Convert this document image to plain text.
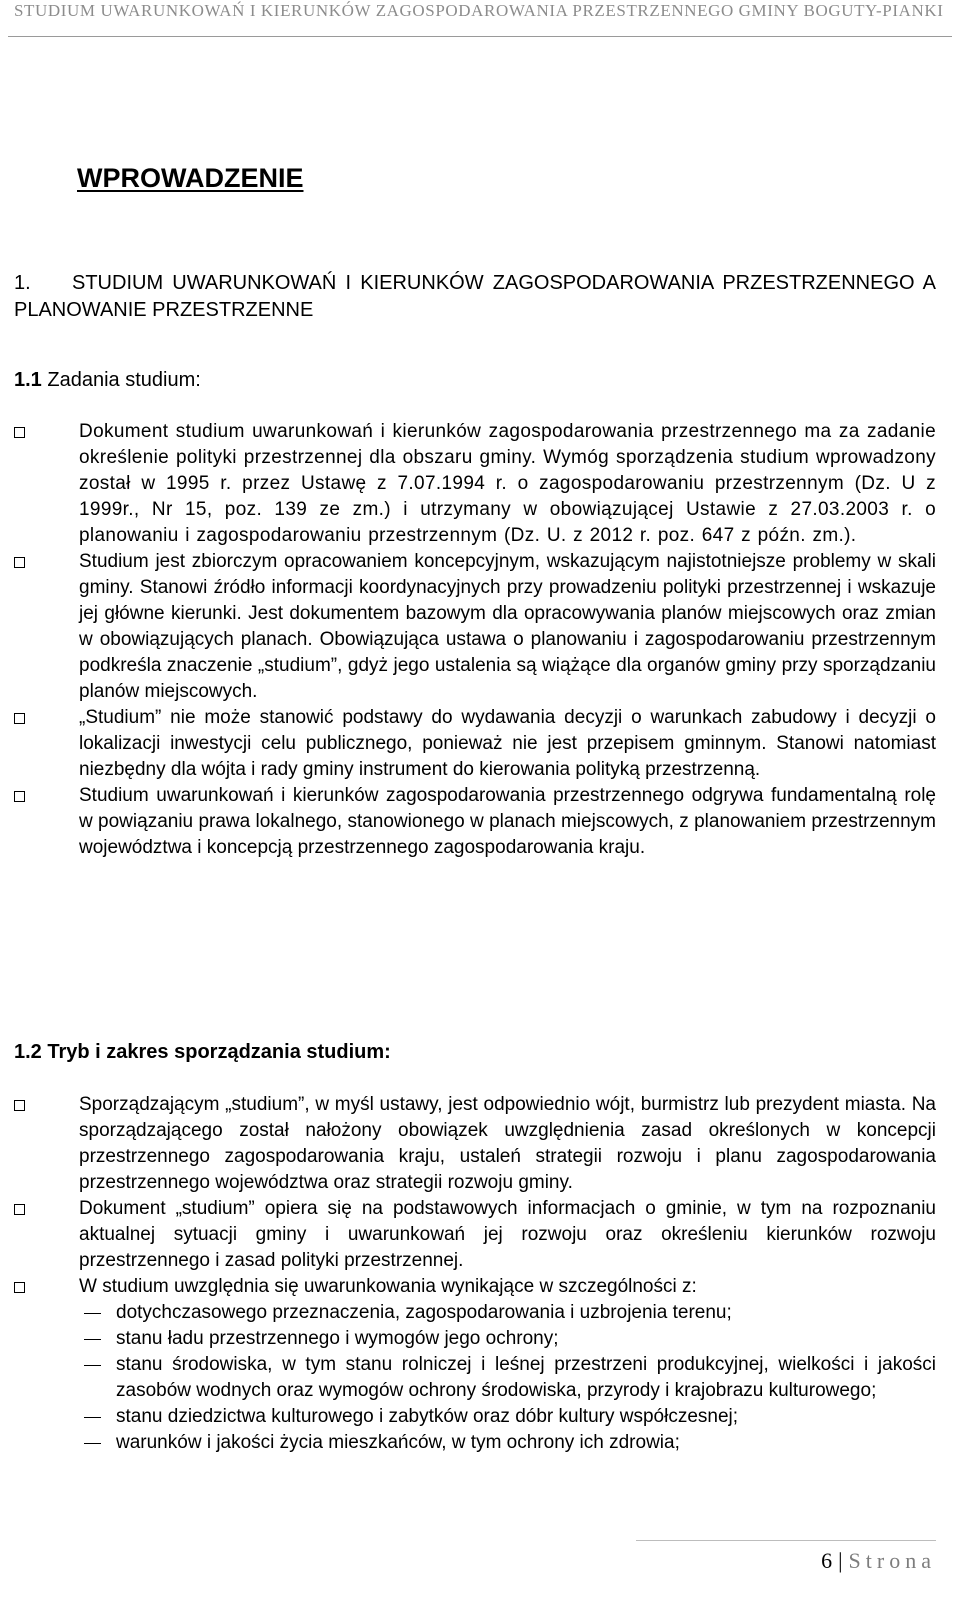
STUDIUM UWARUNKOWAŃ I KIERUNKÓW ZAGOSPODAROWANIA PRZESTRZENNEGO GMINY BOGUTY-PIANKI
WPROWADZENIE

1. STUDIUM UWARUNKOWAŃ I KIERUNKÓW ZAGOSPODAROWANIA PRZESTRZENNEGO A PLANOWANIE PRZESTRZENNE

1.1 Zadania studium:

Dokument studium uwarunkowań i kierunków zagospodarowania przestrzennego ma za zadanie określenie polityki przestrzennej dla obszaru gminy. Wymóg sporządzenia studium wprowadzony został w 1995 r. przez Ustawę z 7.07.1994 r. o zagospodarowaniu przestrzennym (Dz. U z 1999r., Nr 15, poz. 139 ze zm.) i utrzymany w obowiązującej Ustawie z 27.03.2003 r. o planowaniu i zagospodarowaniu przestrzennym (Dz. U. z 2012 r. poz. 647 z późn. zm.).
Studium jest zbiorczym opracowaniem koncepcyjnym, wskazującym najistotniejsze problemy w skali gminy. Stanowi źródło informacji koordynacyjnych przy prowadzeniu polityki przestrzennej i wskazuje jej główne kierunki. Jest dokumentem bazowym dla opracowywania planów miejscowych oraz zmian w obowiązujących planach. Obowiązująca ustawa o planowaniu i zagospodarowaniu przestrzennym podkreśla znaczenie „studium”, gdyż jego ustalenia są wiążące dla organów gminy przy sporządzaniu planów miejscowych.
„Studium” nie może stanowić podstawy do wydawania decyzji o warunkach zabudowy i decyzji o lokalizacji inwestycji celu publicznego, ponieważ nie jest przepisem gminnym. Stanowi natomiast niezbędny dla wójta i rady gminy instrument do kierowania polityką przestrzenną.
Studium uwarunkowań i kierunków zagospodarowania przestrzennego odgrywa fundamentalną rolę w powiązaniu prawa lokalnego, stanowionego w planach miejscowych, z planowaniem przestrzennym województwa i koncepcją przestrzennego zagospodarowania kraju.

1.2 Tryb i zakres sporządzania studium:

Sporządzającym „studium”, w myśl ustawy, jest odpowiednio wójt, burmistrz lub prezydent miasta. Na sporządzającego został nałożony obowiązek uwzględnienia zasad określonych w koncepcji przestrzennego zagospodarowania kraju, ustaleń strategii rozwoju i planu zagospodarowania przestrzennego województwa oraz strategii rozwoju gminy.
Dokument „studium” opiera się na podstawowych informacjach o gminie, w tym na rozpoznaniu aktualnej sytuacji gminy i uwarunkowań jej rozwoju oraz określeniu kierunków rozwoju przestrzennego i zasad polityki przestrzennej.
W studium uwzględnia się uwarunkowania wynikające w szczególności z:
dotychczasowego przeznaczenia, zagospodarowania i uzbrojenia terenu;
stanu ładu przestrzennego i wymogów jego ochrony;
stanu środowiska, w tym stanu rolniczej i leśnej przestrzeni produkcyjnej, wielkości i jakości zasobów wodnych oraz wymogów ochrony środowiska, przyrody i krajobrazu kulturowego;
stanu dziedzictwa kulturowego i zabytków oraz dóbr kultury współczesnej;
warunków i jakości życia mieszkańców, w tym ochrony ich zdrowia;
6 | Strona
